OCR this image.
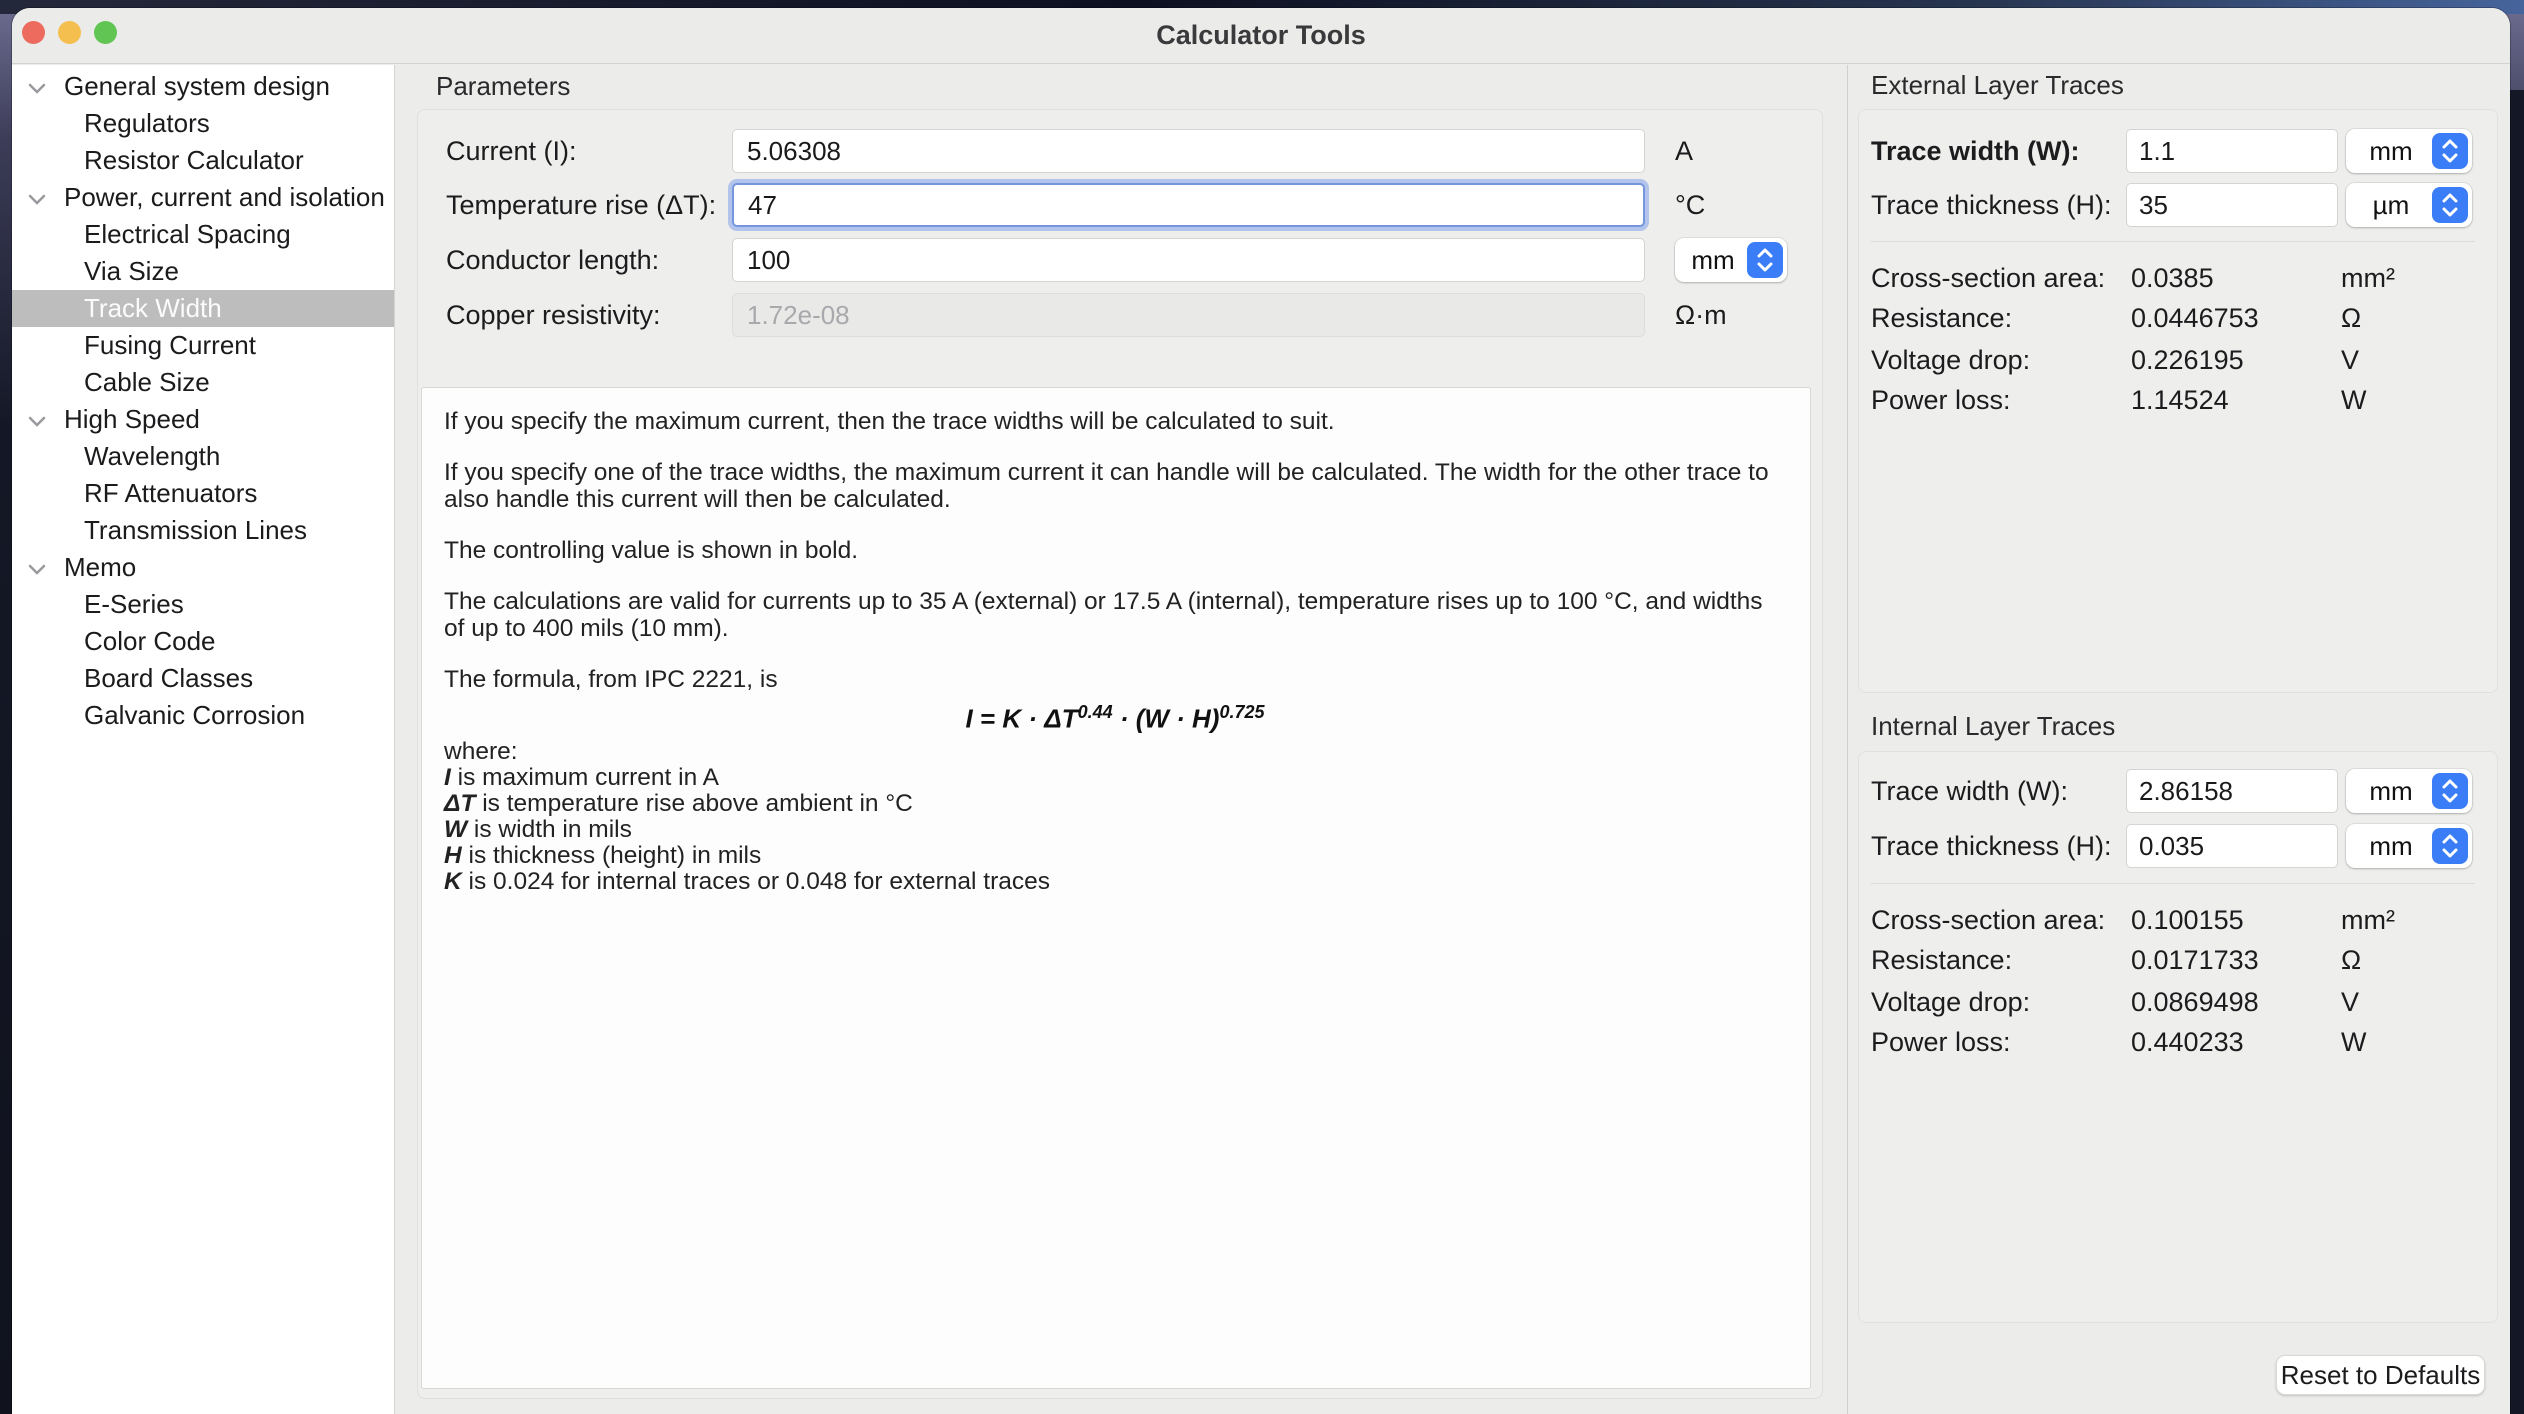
Calculator Tools
General system design
Regulators
Resistor Calculator
Power, current and isolation
Electrical Spacing
Via Size
Track Width
Fusing Current
Cable Size
High Speed
Wavelength
RF Attenuators
Transmission Lines
Memo
E-Series
Color Code
Board Classes
Galvanic Corrosion
Parameters
Current (I):
5.06308	A
Temperature rise (ΔT):
47	°C
Conductor length:
100	mm
Copper resistivity:
1.72e-08	Ω·m

If you specify the maximum current, then the trace widths will be calculated to suit.

If you specify one of the trace widths, the maximum current it can handle will be calculated. The width for the other trace to also handle this current will then be calculated.

The controlling value is shown in bold.

The calculations are valid for currents up to 35 A (external) or 17.5 A (internal), temperature rises up to 100 °C, and widths of up to 400 mils (10 mm).

The formula, from IPC 2221, is

$I = K \cdot \Delta T^{0.44} \cdot (W \cdot H)^{0.725}$
where:
I is maximum current in A
ΔT is temperature rise above ambient in °C
W is width in mils
H is thickness (height) in mils
K is 0.024 for internal traces or 0.048 for external traces
External Layer Traces
Trace width (W):
1.1	mm
Trace thickness (H):
35	µm
Cross-section area: 0.0385	mm²
Resistance:	0.0446753	Ω
Voltage drop:	0.226195	V
Power loss:	1.14524	W
Internal Layer Traces
Trace width (W):
2.86158	mm
Trace thickness (H):
0.035	mm
Cross-section area: 0.100155	mm²
Resistance:	0.0171733	Ω
Voltage drop:	0.0869498	V
Power loss:	0.440233	W
Reset to Defaults
